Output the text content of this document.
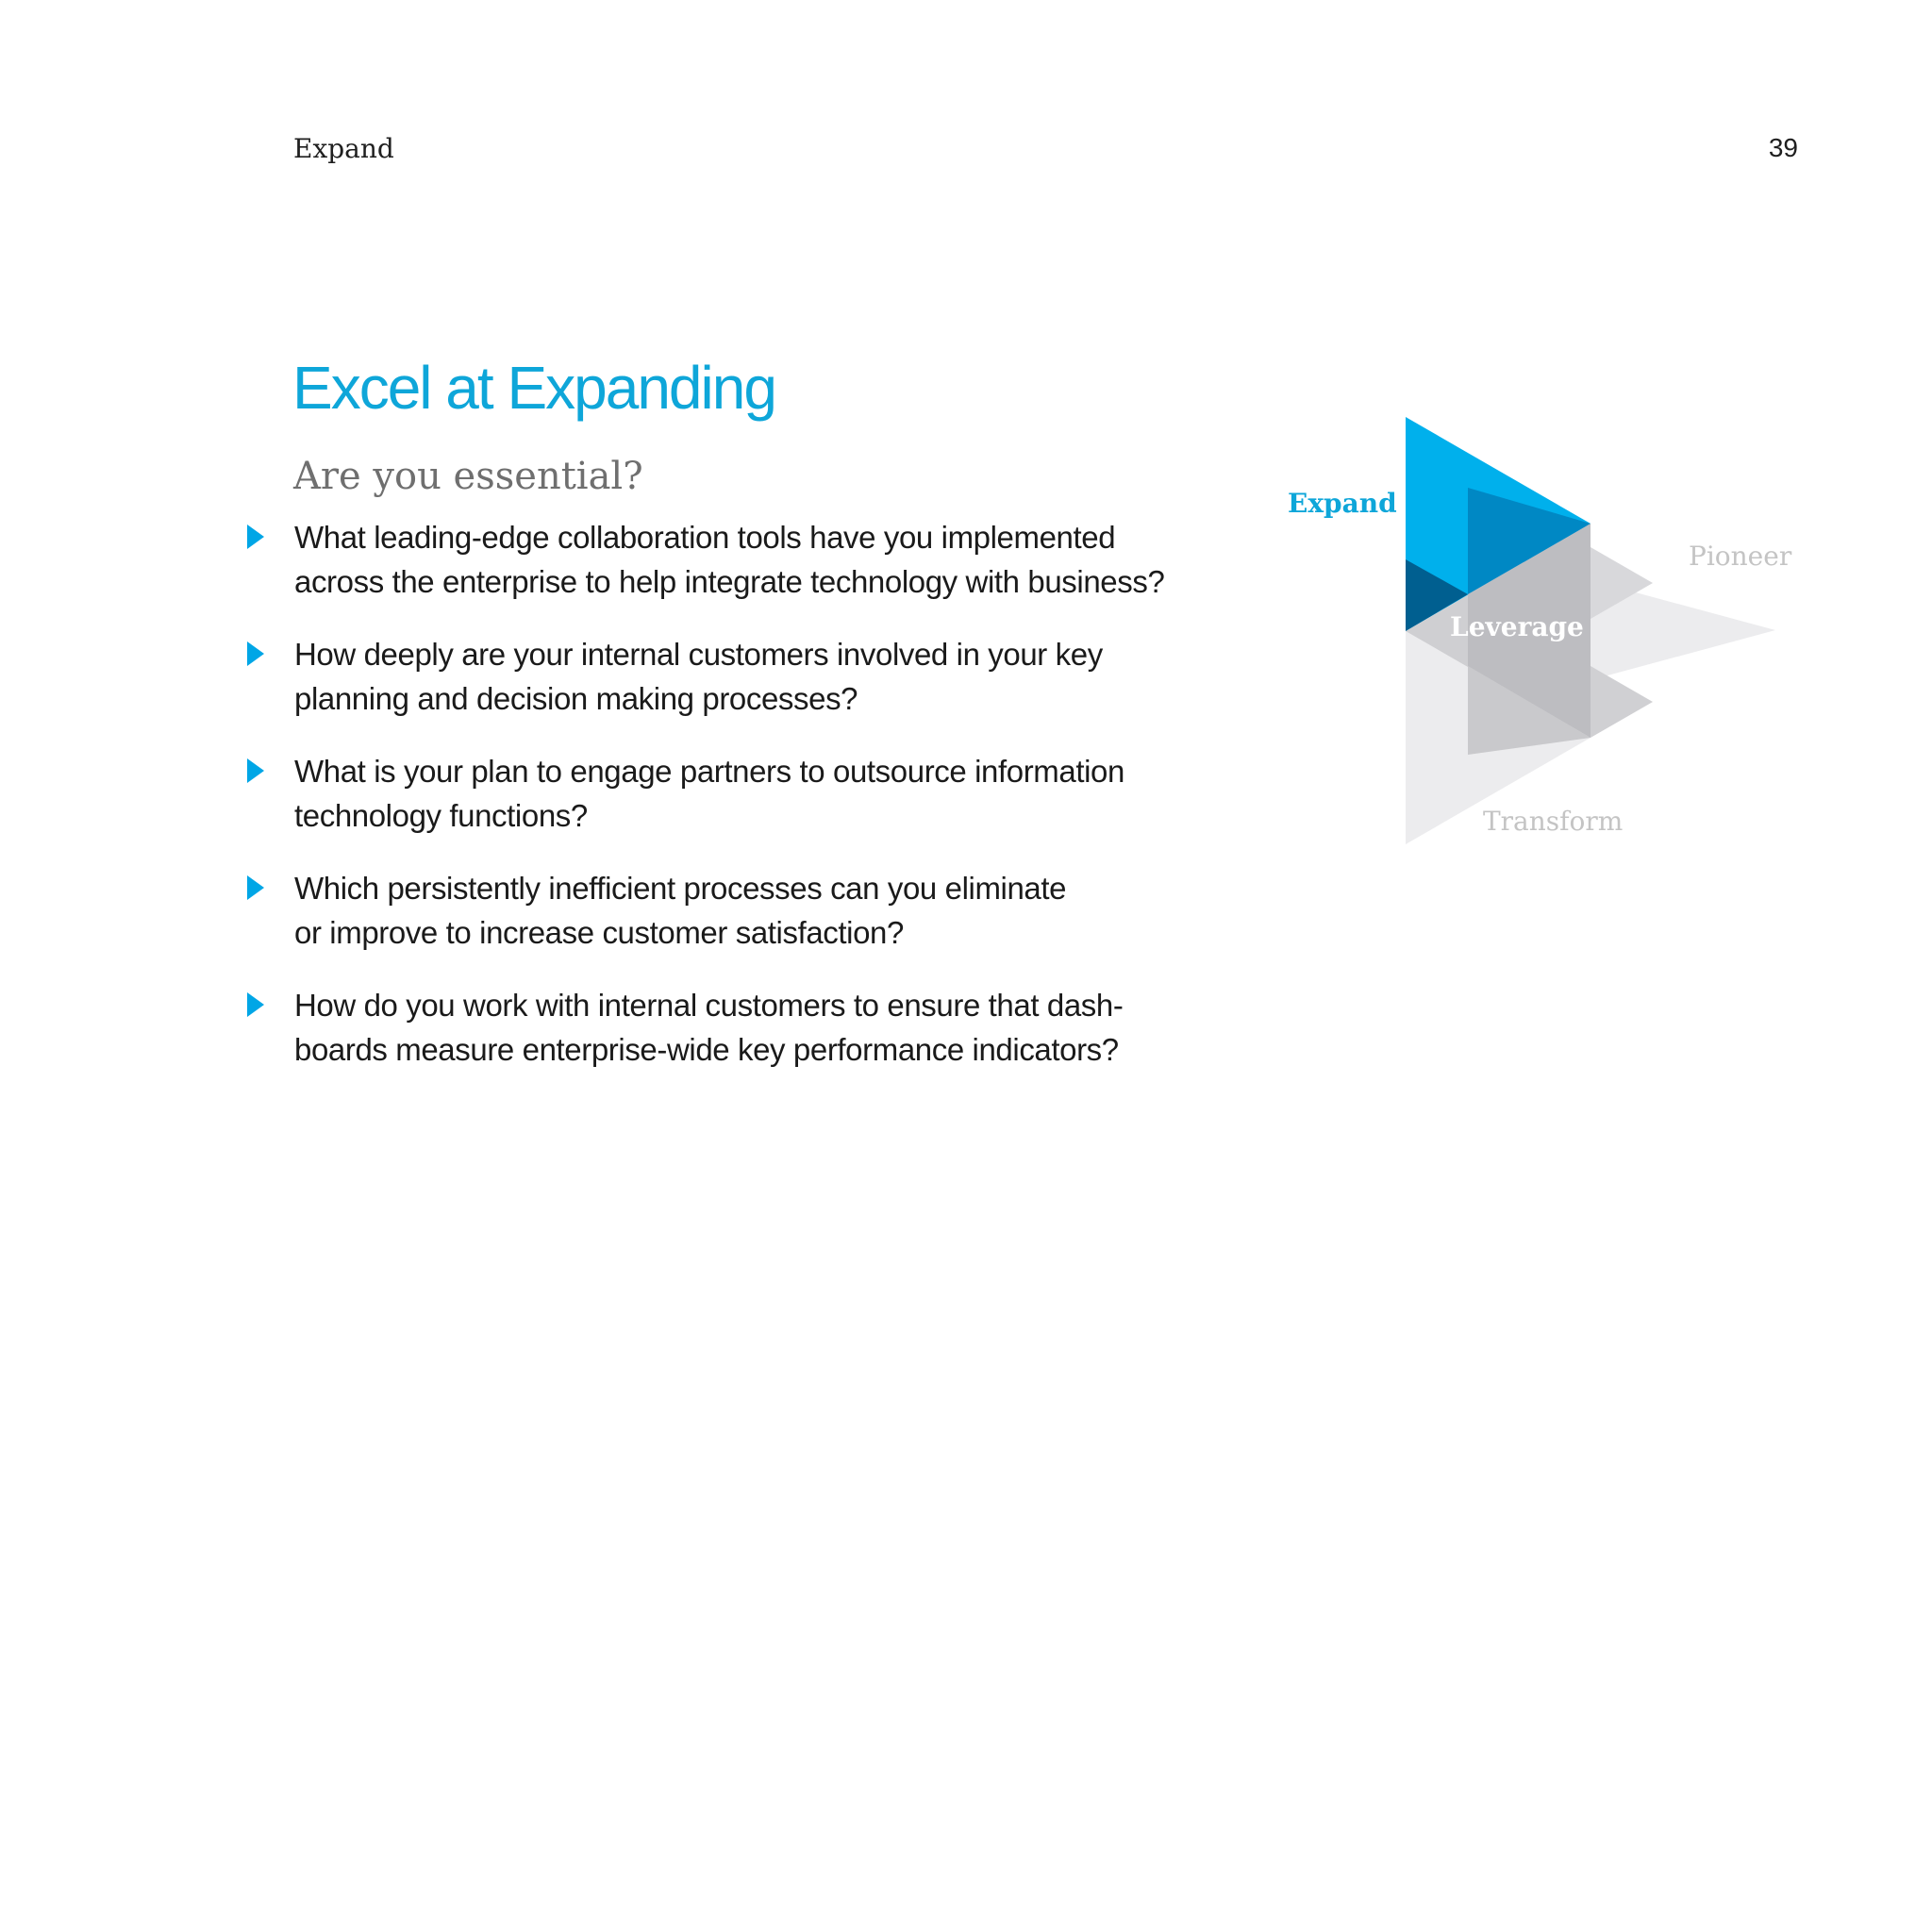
Expand	39
Excel at Expanding
Are you essential?
What leading-edge collaboration tools have you implemented
across the enterprise to help integrate technology with business?
How deeply are your internal customers involved in your key
planning and decision making processes?
What is your plan to engage partners to outsource information
technology functions?
Which persistently inefficient processes can you eliminate
or improve to increase customer satisfaction?
How do you work with internal customers to ensure that dash-
boards measure enterprise-wide key performance indicators?
Expand
Pioneer
Leverage
Transform
